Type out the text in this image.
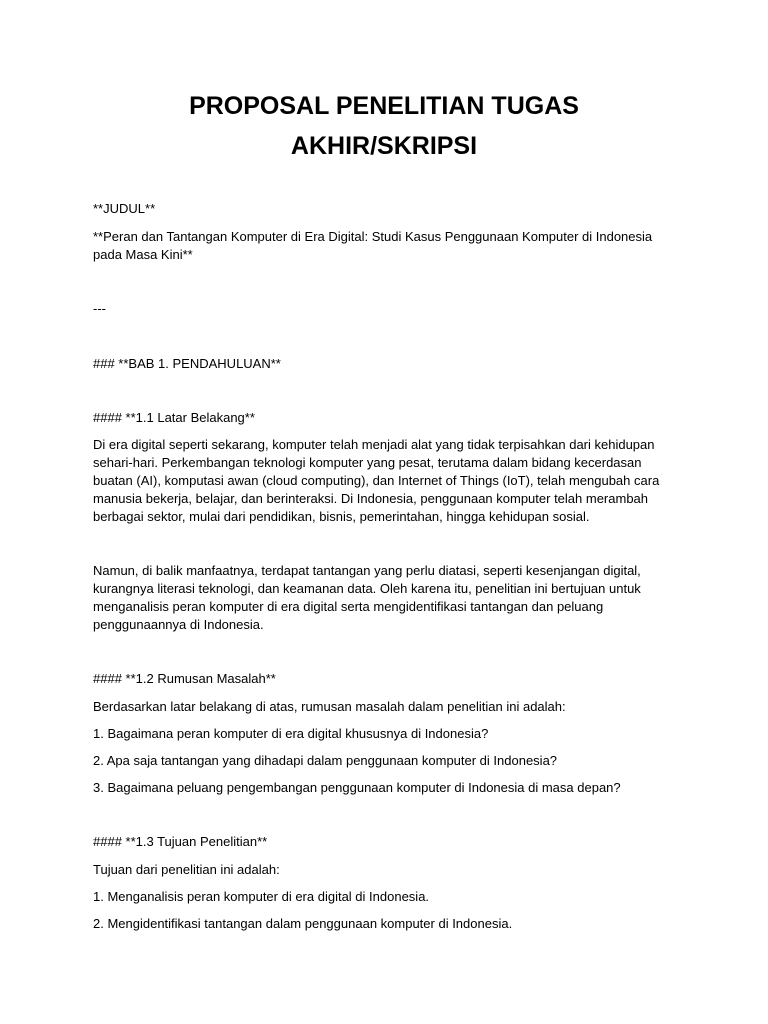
PROPOSAL PENELITIAN TUGAS
AKHIR/SKRIPSI

**JUDUL**

**Peran dan Tantangan Komputer di Era Digital: Studi Kasus Penggunaan Komputer di Indonesia
pada Masa Kini**

---

### **BAB 1. PENDAHULUAN**

#### **1.1 Latar Belakang**

Di era digital seperti sekarang, komputer telah menjadi alat yang tidak terpisahkan dari kehidupan
sehari-hari. Perkembangan teknologi komputer yang pesat, terutama dalam bidang kecerdasan
buatan (AI), komputasi awan (cloud computing), dan Internet of Things (IoT), telah mengubah cara
manusia bekerja, belajar, dan berinteraksi. Di Indonesia, penggunaan komputer telah merambah
berbagai sektor, mulai dari pendidikan, bisnis, pemerintahan, hingga kehidupan sosial.
Namun, di balik manfaatnya, terdapat tantangan yang perlu diatasi, seperti kesenjangan digital,
kurangnya literasi teknologi, dan keamanan data. Oleh karena itu, penelitian ini bertujuan untuk
menganalisis peran komputer di era digital serta mengidentifikasi tantangan dan peluang
penggunaannya di Indonesia.

#### **1.2 Rumusan Masalah**

Berdasarkan latar belakang di atas, rumusan masalah dalam penelitian ini adalah:

1. Bagaimana peran komputer di era digital khususnya di Indonesia?

2. Apa saja tantangan yang dihadapi dalam penggunaan komputer di Indonesia?

3. Bagaimana peluang pengembangan penggunaan komputer di Indonesia di masa depan?

#### **1.3 Tujuan Penelitian**

Tujuan dari penelitian ini adalah:

1. Menganalisis peran komputer di era digital di Indonesia.

2. Mengidentifikasi tantangan dalam penggunaan komputer di Indonesia.
